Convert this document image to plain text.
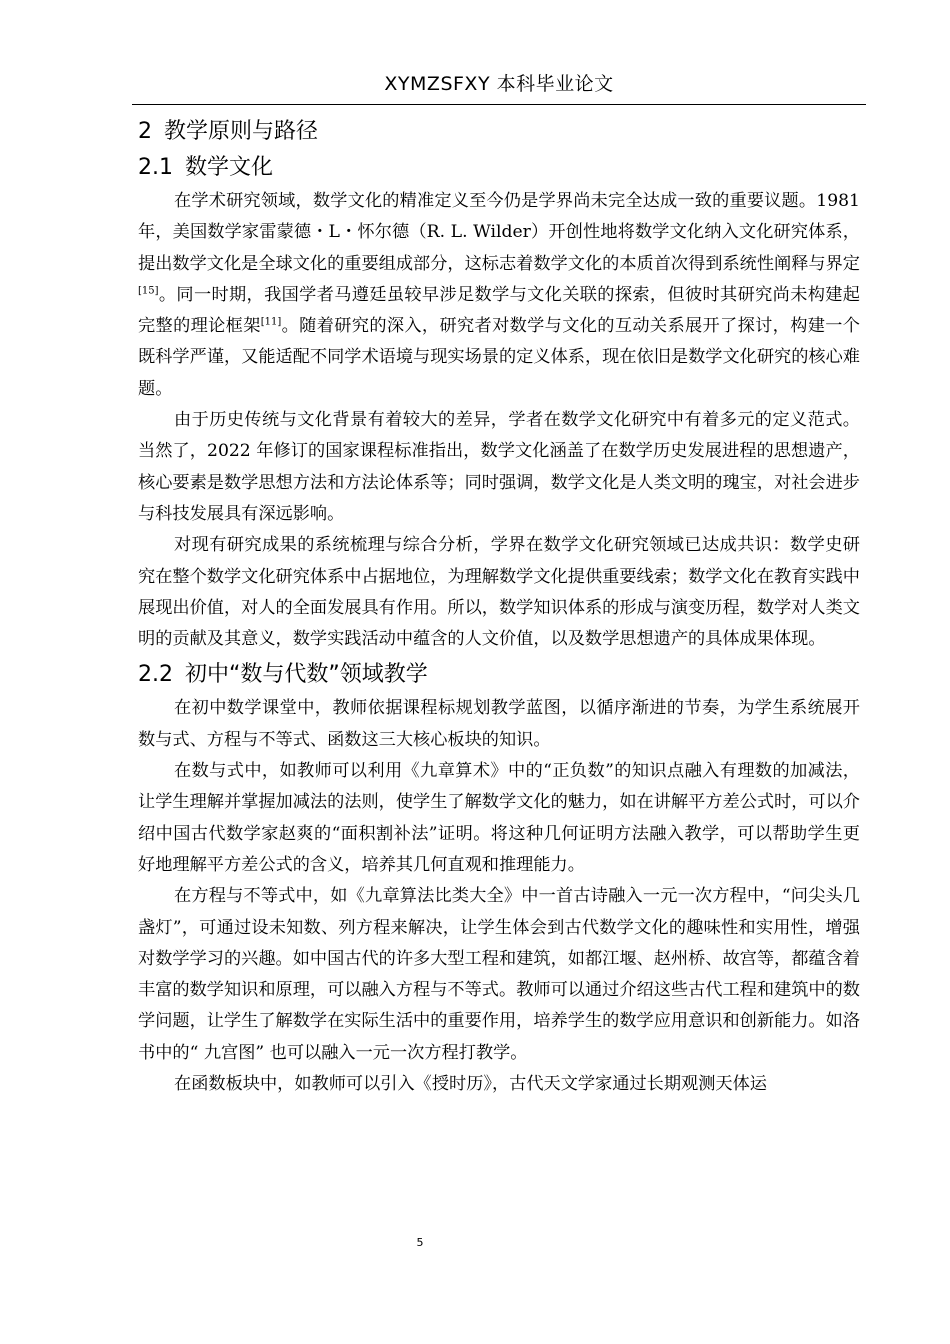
XYMZSFXY 本科毕业论文
2 教学原则与路径
2.1 数学文化

在学术研究领域，数学文化的精准定义至今仍是学界尚未完全达成一致的重要议题。1981 年，美国数学家雷蒙德・L・怀尔德（R. L. Wilder）开创性地将数学文化纳入文化研究体系，提出数学文化是全球文化的重要组成部分，这标志着数学文化的本质首次得到系统性阐释与界定[15]。同一时期，我国学者马遵廷虽较早涉足数学与文化关联的探索，但彼时其研究尚未构建起完整的理论框架[11]。随着研究的深入，研究者对数学与文化的互动关系展开了探讨，构建一个既科学严谨，又能适配不同学术语境与现实场景的定义体系，现在依旧是数学文化研究的核心难题。

由于历史传统与文化背景有着较大的差异，学者在数学文化研究中有着多元的定义范式。当然了，2022 年修订的国家课程标准指出，数学文化涵盖了在数学历史发展进程的思想遗产，核心要素是数学思想方法和方法论体系等；同时强调，数学文化是人类文明的瑰宝，对社会进步与科技发展具有深远影响。

对现有研究成果的系统梳理与综合分析，学界在数学文化研究领域已达成共识：数学史研究在整个数学文化研究体系中占据地位，为理解数学文化提供重要线索；数学文化在教育实践中展现出价值，对人的全面发展具有作用。所以，数学知识体系的形成与演变历程，数学对人类文明的贡献及其意义，数学实践活动中蕴含的人文价值，以及数学思想遗产的具体成果体现。

2.2 初中“数与代数”领域教学

在初中数学课堂中，教师依据课程标规划教学蓝图，以循序渐进的节奏，为学生系统展开数与式、方程与不等式、函数这三大核心板块的知识。

在数与式中，如教师可以利用《九章算术》中的“正负数”的知识点融入有理数的加减法，让学生理解并掌握加减法的法则，使学生了解数学文化的魅力，如在讲解平方差公式时，可以介绍中国古代数学家赵爽的“面积割补法”证明。将这种几何证明方法融入教学，可以帮助学生更好地理解平方差公式的含义，培养其几何直观和推理能力。

在方程与不等式中，如《九章算法比类大全》中一首古诗融入一元一次方程中，“问尖头几盏灯”，可通过设未知数、列方程来解决，让学生体会到古代数学文化的趣味性和实用性，增强对数学学习的兴趣。如中国古代的许多大型工程和建筑，如都江堰、赵州桥、故宫等，都蕴含着丰富的数学知识和原理，可以融入方程与不等式。教师可以通过介绍这些古代工程和建筑中的数学问题，让学生了解数学在实际生活中的重要作用，培养学生的数学应用意识和创新能力。如洛书中的“ 九宫图” 也可以融入一元一次方程打教学。

在函数板块中，如教师可以引入《授时历》，古代天文学家通过长期观测天体运

5
